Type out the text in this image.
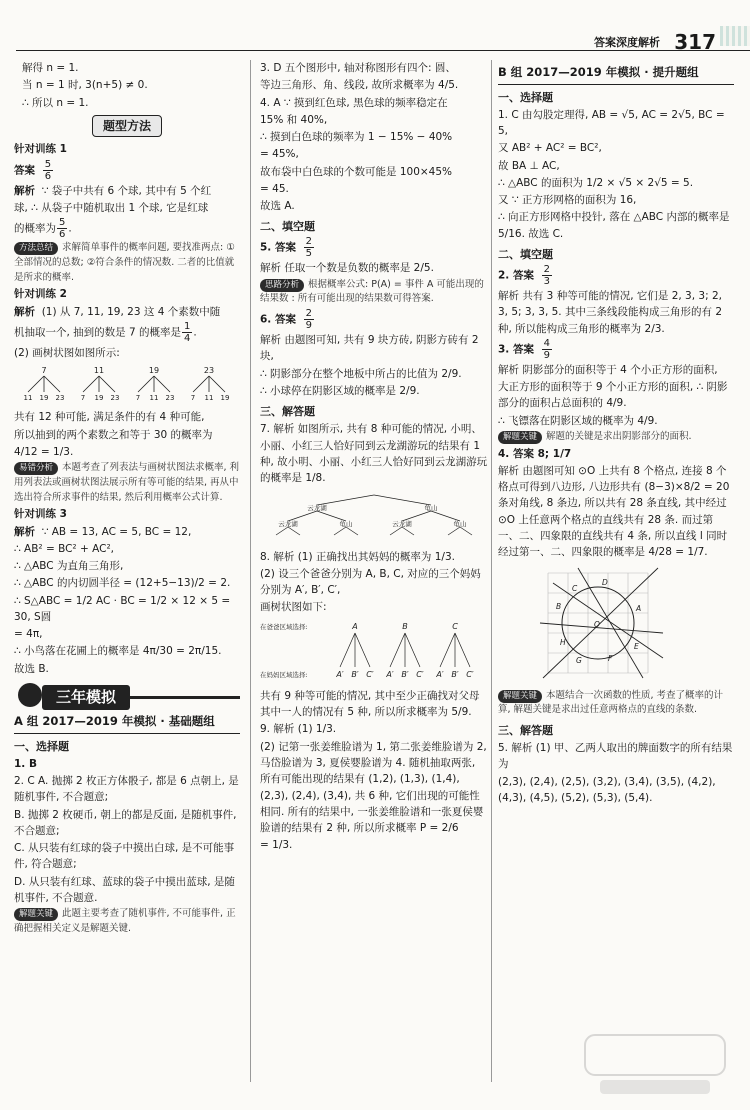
答案深度解析 317

解得 n = 1.

当 n = 1 时, 3(n+5) ≠ 0.

∴ 所以 n = 1.

题型方法

针对训练 1

答案 $\frac{5}{6}$

解析 ∵ 袋子中共有 6 个球, 其中有 5 个红

球, ∴ 从袋子中随机取出 1 个球, 它是红球

的概率为 $\frac{5}{6}$ .

方法总结 求解简单事件的概率问题, 要找准两点: ①全部情况的总数; ②符合条件的情况数. 二者的比值就是所求的概率.

针对训练 2

解析 (1) 从 7, 11, 19, 23 这 4 个素数中随

机抽取一个, 抽到的数是 7 的概率是 $\frac{1}{4}$ .

(2) 画树状图如图所示:

7	11	19	23
11 19 23 7 19 23 7 11 23 7 11 19

共有 12 种可能, 满足条件的有 4 种可能,

所以抽到的两个素数之和等于 30 的概率为

4/12 = 1/3.

易错分析 本题考查了列表法与画树状图法求概率, 利用列表法或画树状图法展示所有等可能的结果, 再从中选出符合所求事件的结果, 然后利用概率公式计算.

针对训练 3

解析 ∵ AB = 13, AC = 5, BC = 12,

∴ AB² = BC² + AC²,

∴ △ABC 为直角三角形,

∴ △ABC 的内切圆半径 = (12+5−13)/2 = 2.

∴ S△ABC = 1/2 AC · BC = 1/2 × 12 × 5 = 30, S圆

= 4π,

∴ 小鸟落在花圃上的概率是 4π/30 = 2π/15.

故选 B.

三年模拟

A 组 2017—2019 年模拟 · 基础题组

一、选择题

1. B

2. C A. 抛掷 2 枚正方体骰子, 都是 6 点朝上, 是随机事件, 不合题意;

B. 抛掷 2 枚硬币, 朝上的都是反面, 是随机事件, 不合题意;

C. 从只装有红球的袋子中摸出白球, 是不可能事件, 符合题意;

D. 从只装有红球、蓝球的袋子中摸出蓝球, 是随机事件, 不合题意.

解题关键 此题主要考查了随机事件, 不可能事件, 正确把握相关定义是解题关键.

3. D 五个图形中, 轴对称图形有四个: 圆、

等边三角形、角、线段, 故所求概率为 4/5.

4. A ∵ 摸到红色球, 黑色球的频率稳定在

15% 和 40%,

∴ 摸到白色球的频率为 1 − 15% − 40%

= 45%,

故布袋中白色球的个数可能是 100×45%

= 45.

故选 A.

二、填空题

5. 答案 $\frac{2}{5}$

解析 任取一个数是负数的概率是 2/5.

思路分析 根据概率公式: P(A) = 事件 A 可能出现的结果数 : 所有可能出现的结果数可得答案.

6. 答案 $\frac{2}{9}$

解析 由题图可知, 共有 9 块方砖, 阴影方砖有 2 块,

∴ 阴影部分在整个地板中所占的比值为 2/9.

∴ 小球停在阴影区域的概率是 2/9.

三、解答题

7. 解析 如图所示, 共有 8 种可能的情况, 小明、小丽、小红三人恰好同到云龙湖游玩的结果有 1 种, 故小明、小丽、小红三人恰好同到云龙湖游玩的概率是 1/8.

云龙湖	龟山
云龙湖	龟山	云龙湖	龟山

8. 解析 (1) 正确找出其妈妈的概率为 1/3.

(2) 设三个爸爸分别为 A, B, C, 对应的三个妈妈分别为 A′, B′, C′,

画树状图如下:

在爸爸区域选择:
在妈妈区域选择:
A	B	C
A′ B′ C′ A′ B′ C′ A′ B′ C′

共有 9 种等可能的情况, 其中至少正确找对父母其中一人的情况有 5 种, 所以所求概率为 5/9.

9. 解析 (1) 1/3.

(2) 记第一张姜维脸谱为 1, 第二张姜维脸谱为 2, 马岱脸谱为 3, 夏侯婴脸谱为 4. 随机抽取两张, 所有可能出现的结果有 (1,2), (1,3), (1,4), (2,3), (2,4), (3,4), 共 6 种, 它们出现的可能性相同. 所有的结果中, 一张姜维脸谱和一张夏侯婴脸谱的结果有 2 种, 所以所求概率 P = 2/6

= 1/3.

B 组 2017—2019 年模拟 · 提升题组

一、选择题

1. C 由勾股定理得, AB = √5, AC = 2√5, BC = 5,

又 AB² + AC² = BC²,

故 BA ⊥ AC,

∴ △ABC 的面积为 1/2 × √5 × 2√5 = 5.

又 ∵ 正方形网格的面积为 16,

∴ 向正方形网格中投针, 落在 △ABC 内部的概率是 5/16. 故选 C.

二、填空题

2. 答案 $\frac{2}{3}$

解析 共有 3 种等可能的情况, 它们是 2, 3, 3; 2, 3, 5; 3, 3, 5. 其中三条线段能构成三角形的有 2 种, 所以能构成三角形的概率为 2/3.

3. 答案 $\frac{4}{9}$

解析 阴影部分的面积等于 4 个小正方形的面积,

大正方形的面积等于 9 个小正方形的面积, ∴ 阴影部分的面积占总面积的 4/9.

∴ 飞镖落在阴影区域的概率为 4/9.

解题关键 解题的关键是求出阴影部分的面积.

4. 答案 8; 1/7

解析 由题图可知 ⊙O 上共有 8 个格点, 连接 8 个格点可得到八边形, 八边形共有 (8−3)×8/2 = 20 条对角线, 8 条边, 所以共有 28 条直线, 其中经过 ⊙O 上任意两个格点的直线共有 28 条. 而过第一、二、四象限的直线共有 4 条, 所以直线 l 同时经过第一、二、四象限的概率是 4/28 = 1/7.

C
D
B	A
O
E
F
H
G

解题关键 本题结合一次函数的性质, 考查了概率的计算, 解题关键是求出过任意两格点的直线的条数.

三、解答题

5. 解析 (1) 甲、乙两人取出的牌面数字的所有结果为

(2,3), (2,4), (2,5), (3,2), (3,4), (3,5), (4,2), (4,3), (4,5), (5,2), (5,3), (5,4).
